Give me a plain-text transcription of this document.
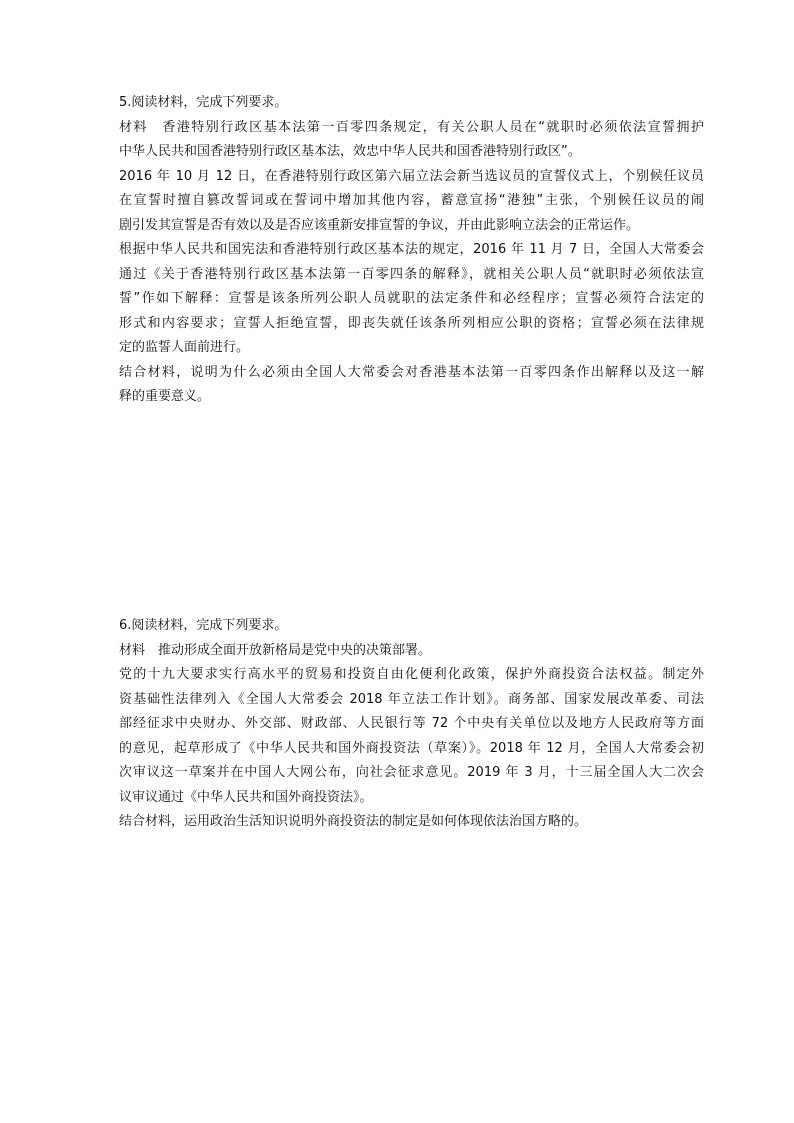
5.阅读材料，完成下列要求。
材料　香港特别行政区基本法第一百零四条规定，有关公职人员在“就职时必须依法宣誓拥护
中华人民共和国香港特别行政区基本法，效忠中华人民共和国香港特别行政区”。
2016 年 10 月 12 日，在香港特别行政区第六届立法会新当选议员的宣誓仪式上，个别候任议员
在宣誓时擅自篡改誓词或在誓词中增加其他内容，蓄意宣扬“港独”主张，个别候任议员的闹
剧引发其宣誓是否有效以及是否应该重新安排宣誓的争议，并由此影响立法会的正常运作。
根据中华人民共和国宪法和香港特别行政区基本法的规定，2016 年 11 月 7 日，全国人大常委会
通过《关于香港特别行政区基本法第一百零四条的解释》，就相关公职人员“就职时必须依法宣
誓”作如下解释：宣誓是该条所列公职人员就职的法定条件和必经程序；宣誓必须符合法定的
形式和内容要求；宣誓人拒绝宣誓，即丧失就任该条所列相应公职的资格；宣誓必须在法律规
定的监誓人面前进行。
结合材料，说明为什么必须由全国人大常委会对香港基本法第一百零四条作出解释以及这一解
释的重要意义。
6.阅读材料，完成下列要求。
材料　推动形成全面开放新格局是党中央的决策部署。
党的十九大要求实行高水平的贸易和投资自由化便利化政策，保护外商投资合法权益。制定外
资基础性法律列入《全国人大常委会 2018 年立法工作计划》。商务部、国家发展改革委、司法
部经征求中央财办、外交部、财政部、人民银行等 72 个中央有关单位以及地方人民政府等方面
的意见，起草形成了《中华人民共和国外商投资法（草案）》。2018 年 12 月，全国人大常委会初
次审议这一草案并在中国人大网公布，向社会征求意见。2019 年 3 月，十三届全国人大二次会
议审议通过《中华人民共和国外商投资法》。
结合材料，运用政治生活知识说明外商投资法的制定是如何体现依法治国方略的。
